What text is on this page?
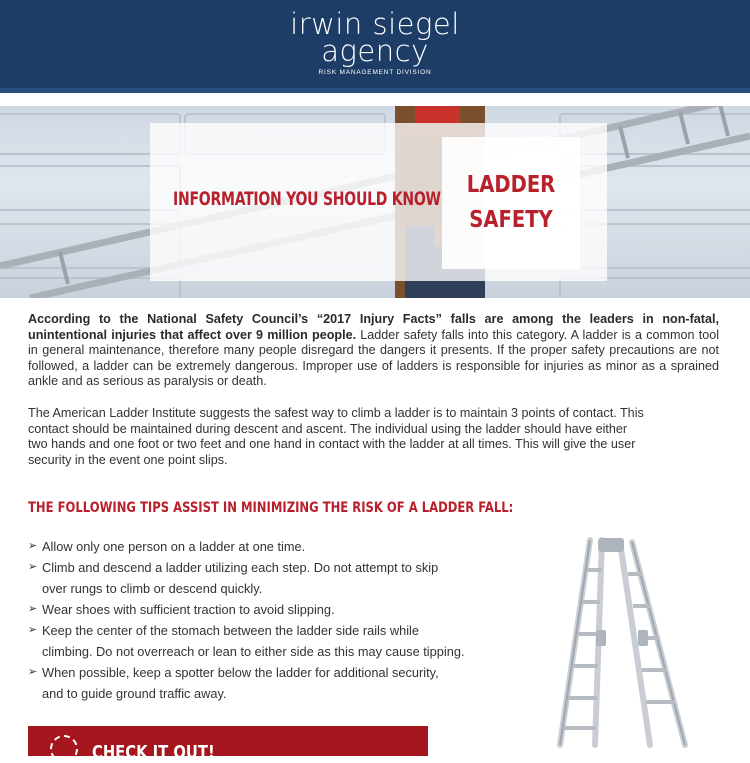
irwin siegel
agency
RISK MANAGEMENT DIVISION
INFORMATION YOU SHOULD KNOW
LADDER
SAFETY
According to the National Safety Council’s “2017 Injury Facts” falls are among the leaders in non-fatal, unintentional injuries that affect over 9 million people. Ladder safety falls into this category. A ladder is a common tool in general maintenance, therefore many people disregard the dangers it presents. If the proper safety precautions are not followed, a ladder can be extremely dangerous. Improper use of ladders is responsible for injuries as minor as a sprained ankle and as serious as paralysis or death.
The American Ladder Institute suggests the safest way to climb a ladder is to maintain 3 points of contact. This
contact should be maintained during descent and ascent. The individual using the ladder should have either
two hands and one foot or two feet and one hand in contact with the ladder at all times. This will give the user
security in the event one point slips.
THE FOLLOWING TIPS ASSIST IN MINIMIZING THE RISK OF A LADDER FALL:
➢ Allow only one person on a ladder at one time.
➢ Climb and descend a ladder utilizing each step. Do not attempt to skip
over rungs to climb or descend quickly.
➢ Wear shoes with sufficient traction to avoid slipping.
➢ Keep the center of the stomach between the ladder side rails while
climbing. Do not overreach or lean to either side as this may cause tipping.
➢ When possible, keep a spotter below the ladder for additional security,
and to guide ground traffic away.
CHECK IT OUT!
